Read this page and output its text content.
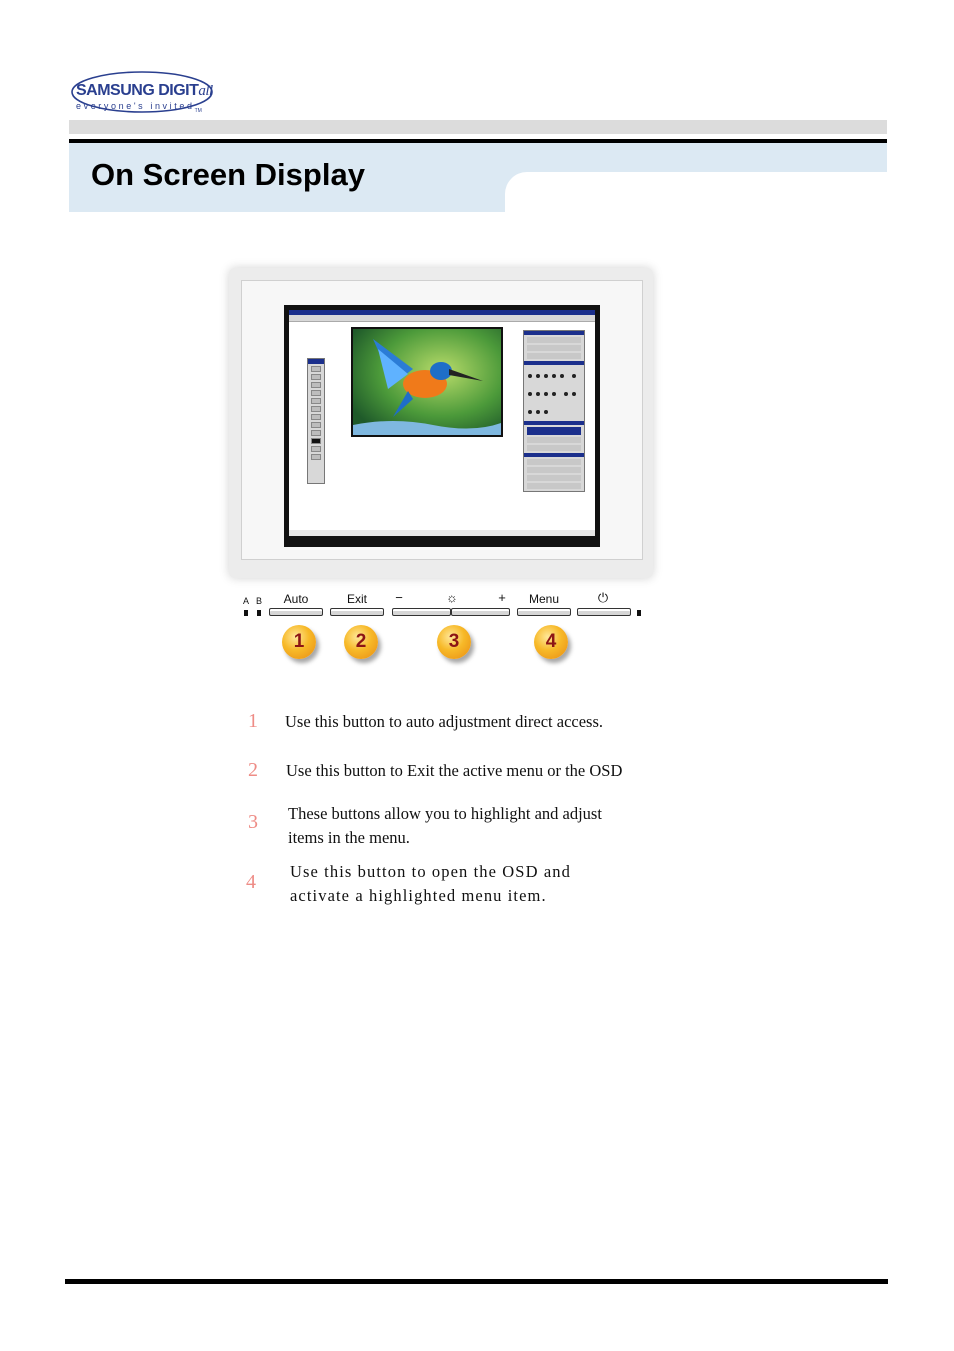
SAMSUNG DIGITall
everyone's invited$_{TM}$
On Screen Display

A B	Auto	Exit	−	☼	+	Menu	⏻
1	2	3	4
1 Use this button to auto adjustment direct access.
2 Use this button to Exit the active menu or the OSD
3 These buttons allow you to highlight and adjust
items in the menu.
4 Use this button to open the OSD and
activate a highlighted menu item.
